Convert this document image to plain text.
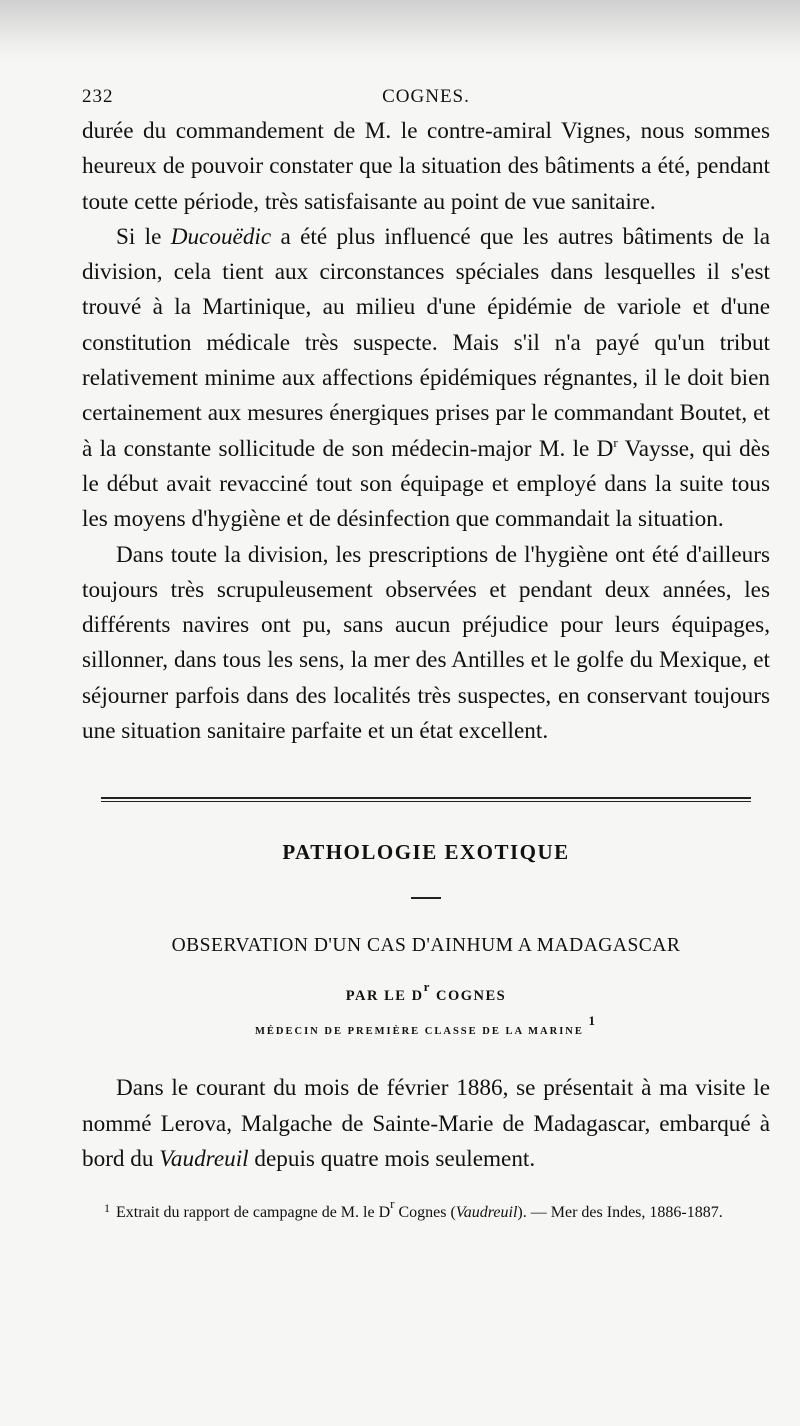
232	COGNES.

durée du commandement de M. le contre-amiral Vignes, nous sommes heureux de pouvoir constater que la situation des bâtiments a été, pendant toute cette période, très satisfaisante au point de vue sanitaire.

Si le Ducouëdic a été plus influencé que les autres bâtiments de la division, cela tient aux circonstances spéciales dans lesquelles il s'est trouvé à la Martinique, au milieu d'une épidémie de variole et d'une constitution médicale très suspecte. Mais s'il n'a payé qu'un tribut relativement minime aux affections épidémiques régnantes, il le doit bien certainement aux mesures énergiques prises par le commandant Boutet, et à la constante sollicitude de son médecin-major M. le $D^r$ Vaysse, qui dès le début avait revacciné tout son équipage et employé dans la suite tous les moyens d'hygiène et de désinfection que commandait la situation.

Dans toute la division, les prescriptions de l'hygiène ont été d'ailleurs toujours très scrupuleusement observées et pendant deux années, les différents navires ont pu, sans aucun préjudice pour leurs équipages, sillonner, dans tous les sens, la mer des Antilles et le golfe du Mexique, et séjourner parfois dans des localités très suspectes, en conservant toujours une situation sanitaire parfaite et un état excellent.

PATHOLOGIE EXOTIQUE
OBSERVATION D'UN CAS D'AINHUM A MADAGASCAR
PAR LE $D^r$ COGNES
MÉDECIN DE PREMIÈRE CLASSE DE LA MARINE $^1$

Dans le courant du mois de février 1886, se présentait à ma visite le nommé Lerova, Malgache de Sainte-Marie de Madagascar, embarqué à bord du Vaudreuil depuis quatre mois seulement.

$^1$ Extrait du rapport de campagne de M. le $D^r$ Cognes (Vaudreuil). — Mer des Indes, 1886-1887.
